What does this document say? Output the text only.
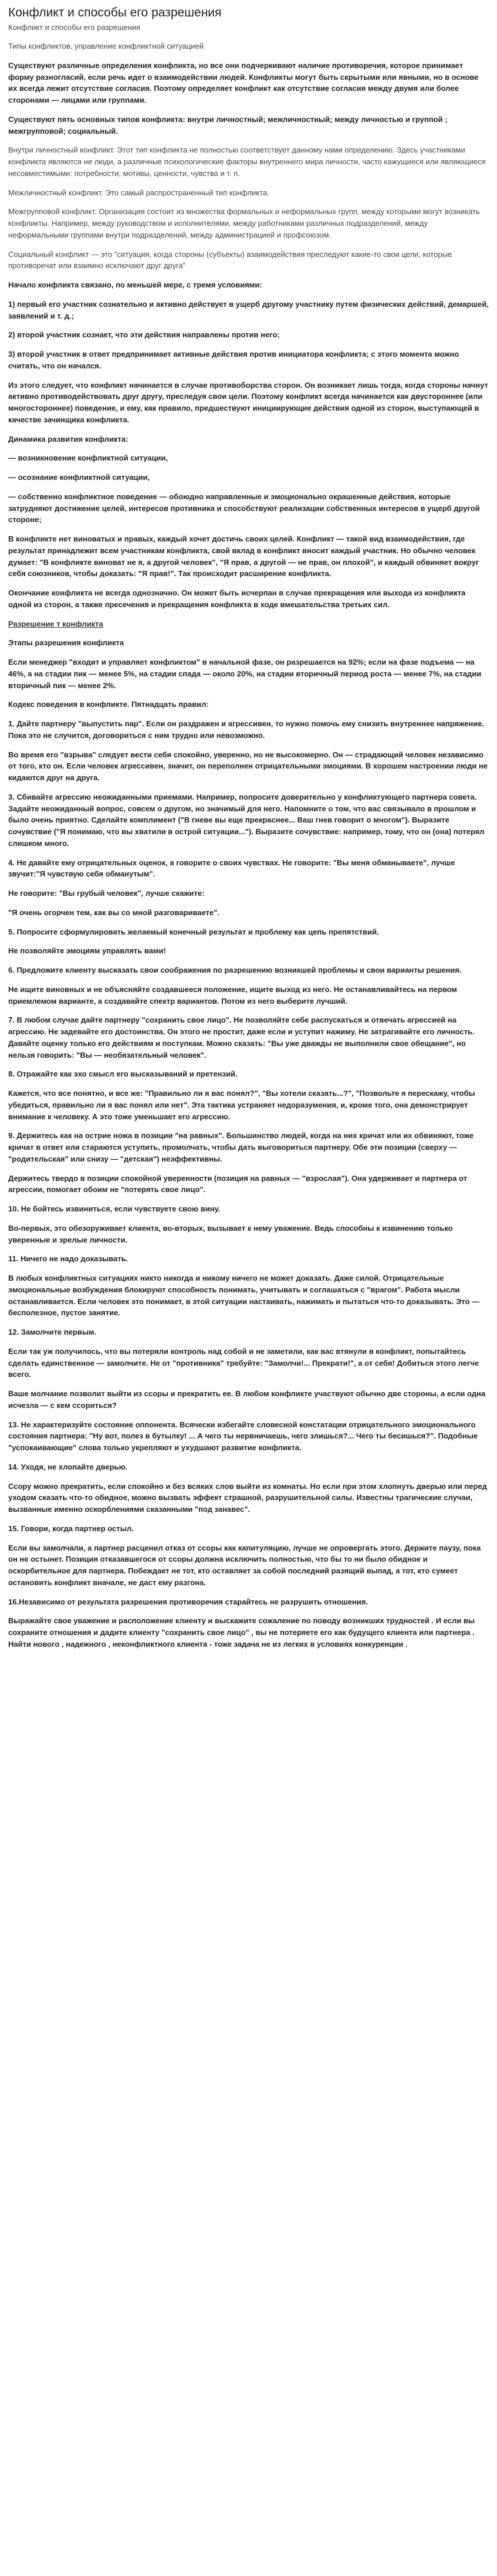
Конфликт и способы его разрешения
Конфликт и способы его разрешения

Типы конфликтов, управление конфликтной ситуацией

Существуют различные определения конфликта, но все они подчеркивают наличие противоречия, которое принимает форму разногласий, если речь идет о взаимодействии людей. Конфликты могут быть скрытыми или явными, но в основе их всегда лежит отсутствие согласия. Поэтому определяет конфликт как отсутствие согласия между двумя или более сторонами — лицами или группами.

Существуют пять основных типов конфликта: внутри личностный; межличностный; между личностью и группой ; межгрупповой; социальный.

Внутри личностный конфликт. Этот тип конфликта не полностью соответствует данному нами определению. Здесь участниками конфликта являются не люди, а различные психологические факторы внутреннего мира личности, часто кажущиеся или являющиеся несовместимыми: потребности, мотивы, ценности, чувства и т. п.

Межличностный конфликт. Это самый распространенный тип конфликта.

Межгрупповой конфликт. Организация состоит из множества формальных и неформальных групп, между которыми могут возникать конфликты. Например, между руководством и исполнителями, между работниками различных подразделений, между неформальными группами внутри подразделений, между администрацией и профсоюзом.

Социальный конфликт — это "ситуация, когда стороны (субъекты) взаимодействия преследуют какие-то свои цели, которые противоречат или взаимно исключают друг друга"

Начало конфликта связано, по меньшей мере, с тремя условиями:

1) первый его участник сознательно и активно действует в ущерб другому участнику путем физических действий, демаршей, заявлений и т. д.;

2) второй участник сознает, что эти действия направлены против него;

3) второй участник в ответ предпринимает активные действия против инициатора конфликта; с этого момента можно считать, что он начался.

Из этого следует, что конфликт начинается в случае противоборства сторон. Он возникает лишь тогда, когда стороны начнут активно противодействовать друг другу, преследуя свои цели. Поэтому конфликт всегда начинается как двустороннее (или многостороннее) поведение, и ему, как правило, предшествуют инициирующие действия одной из сторон, выступающей в качестве зачинщика конфликта.

Динамика развития конфликта:

— возникновение конфликтной ситуации,

— осознание конфликтной ситуации,

— собственно конфликтное поведение — обоюдно направленные и эмоционально окрашенные действия, которые затрудняют достижение целей, интересов противника и способствуют реализации собственных интересов в ущерб другой стороне;

В конфликте нет виноватых и правых, каждый хочет достичь своих целей. Конфликт — такой вид взаимодействия, где результат принадлежит всем участникам конфликта, свой вклад в конфликт вносит каждый участник. Но обычно человек думает: "В конфликте виноват не я, а другой человек", "Я прав, а другой — не прав, он плохой", и каждый обвиняет вокруг себя союзников, чтобы доказать: "Я прав!". Так происходит расширение конфликта.

Окончание конфликта не всегда однозначно. Он может быть исчерпан в случае прекращения или выхода из конфликта одной из сторон, а также пресечения и прекращения конфликта в ходе вмешательства третьих сил.

Разрешение т конфликта

Этапы разрешения конфликта

Если менеджер "входит и управляет конфликтом" в начальной фазе, он разрешается на 92%; если на фазе подъема — на 46%, а на стадии пик — менее 5%, на стадии спада — около 20%, на стадии вторичный период роста — менее 7%, на стадии вторичный пик — менее 2%.

Кодекс поведения в конфликте. Пятнадцать правил:

1. Дайте партнеру "выпустить пар". Если он раздражен и агрессивен, то нужно помочь ему снизить внутреннее напряжение. Пока это не случится, договориться с ним трудно или невозможно.

Во время его "взрыва" следует вести себя спокойно, уверенно, но не высокомерно. Он — страдающий человек независимо от того, кто он. Если человек агрессивен, значит, он переполнен отрицательными эмоциями. В хорошем настроении люди не кидаются друг на друга.

3. Сбивайте агрессию неожиданными приемами. Например, попросите доверительно у конфликтующего партнера совета. Задайте неожиданный вопрос, совсем о другом, но значимый для него. Напомните о том, что вас связывало в прошлом и было очень приятно. Сделайте комплимент ("В гневе вы еще прекраснее... Ваш гнев говорит о многом"). Выразите сочувствие ("Я понимаю, что вы хватили в острой ситуации..."). Выразите сочувствие: например, тому, что он (она) потерял слишком много.

4. Не давайте ему отрицательных оценок, а говорите о своих чувствах. Не говорите: "Вы меня обманываете", лучше звучит:"Я чувствую себя обманутым".

Не говорите: "Вы грубый человек", лучше скажите:

"Я очень огорчен тем, как вы со мной разговариваете".

5. Попросите сформулировать желаемый конечный результат и проблему как цепь препятствий.

Не позволяйте эмоциям управлять вами!

6. Предложите клиенту высказать свои соображения по разрешению возникшей проблемы и свои варианты решения.

Не ищите виновных и не объясняйте создавшееся положение, ищите выход из него. Не останавливайтесь на первом приемлемом варианте, а создавайте спектр вариантов. Потом из него выберите лучший.

7. В любом случае дайте партнеру "сохранить свое лицо". Не позволяйте себе распускаться и отвечать агрессией на агрессию. Не задевайте его достоинства. Он этого не простит, даже если и уступит нажиму. Не затрагивайте его личность. Давайте оценку только его действиям и поступкам. Можно сказать: "Вы уже дважды не выполнили свое обещание", но нельзя говорить: "Вы — необязательный человек".

8. Отражайте как эхо смысл его высказываний и претензий.

Кажется, что все понятно, и все же: "Правильно ли я вас понял?", "Вы хотели сказать...?", "Позвольте я перескажу, чтобы убедиться, правильно ли я вас понял или нет". Эта тактика устраняет недоразумения, и, кроме того, она демонстрирует внимание к человеку. А это тоже уменьшает его агрессию.

9. Держитесь как на острие ножа в позиции "на равных". Большинство людей, когда на них кричат или их обвиняют, тоже кричат в ответ или стараются уступить, промолчать, чтобы дать выговориться партнеру. Обе эти позиции (сверху — "родительская" или снизу — "детская") неэффективны.

Держитесь твердо в позиции спокойной уверенности (позиция на равных — "взрослая"). Она удерживает и партнера от агрессии, помогает обоим не "потерять свое лицо".

10. Не бойтесь извиниться, если чувствуете свою вину.

Во-первых, это обезоруживает клиента, во-вторых, вызывает к нему уважение. Ведь способны к извинению только уверенные и зрелые личности.

11. Ничего не надо доказывать.

В любых конфликтных ситуациях никто никогда и никому ничего не может доказать. Даже силой. Отрицательные эмоциональные возбуждения блокируют способность понимать, учитывать и соглашаться с "врагом". Работа мысли останавливается. Если человек это понимает, в этой ситуации настаивать, нажимать и пытаться что-то доказывать. Это — бесполезное, пустое занятие.

12. Замолчите первым.

Если так уж получилось, что вы потеряли контроль над собой и не заметили, как вас втянули в конфликт, попытайтесь сделать единственное — замолчите. Не от "противника" требуйте: "Замолчи!... Прекрати!", а от себя! Добиться этого легче всего.

Ваше молчание позволит выйти из ссоры и прекратить ее. В любом конфликте участвуют обычно две стороны, а если одна исчезла — с кем ссориться?

13. Не характеризуйте состояние оппонента. Всячески избегайте словесной констатации отрицательного эмоционального состояния партнера: "Ну вот, полез в бутылку! ... А чего ты нервничаешь, чего злишься?... Чего ты бесишься?". Подобные "успокаивающие" слова только укрепляют и ухудшают развитие конфликта.

14. Уходя, не хлопайте дверью.

Ссору можно прекратить, если спокойно и без всяких слов выйти из комнаты. Но если при этом хлопнуть дверью или перед уходом сказать что-то обидное, можно вызвать эффект страшной, разрушительной силы. Известны трагические случаи, вызванные именно оскорблениями сказанными "под занавес".

15. Говори, когда партнер остыл.

Если вы замолчали, а партнер расценил отказ от ссоры как капитуляцию, лучше не опровергать этого. Держите паузу, пока он не остынет. Позиция отказавшегося от ссоры должна исключить полностью, что бы то ни было обидное и оскорбительное для партнера. Побеждает не тот, кто оставляет за собой последний разящий выпад, а тот, кто сумеет остановить конфликт вначале, не даст ему разгона.

16.Независимо от результата разрешения противоречия старайтесь не разрушить отношения.

Выражайте свое уважение и расположение клиенту и выскажите сожаление по поводу возникших трудностей . И если вы сохраните отношения и дадите клиенту "сохранить свое лицо" , вы не потеряете его как будущего клиента или партнера . Найти нового , надежного , неконфликтного клиента - тоже задача не из легких в условиях конкуренции .
